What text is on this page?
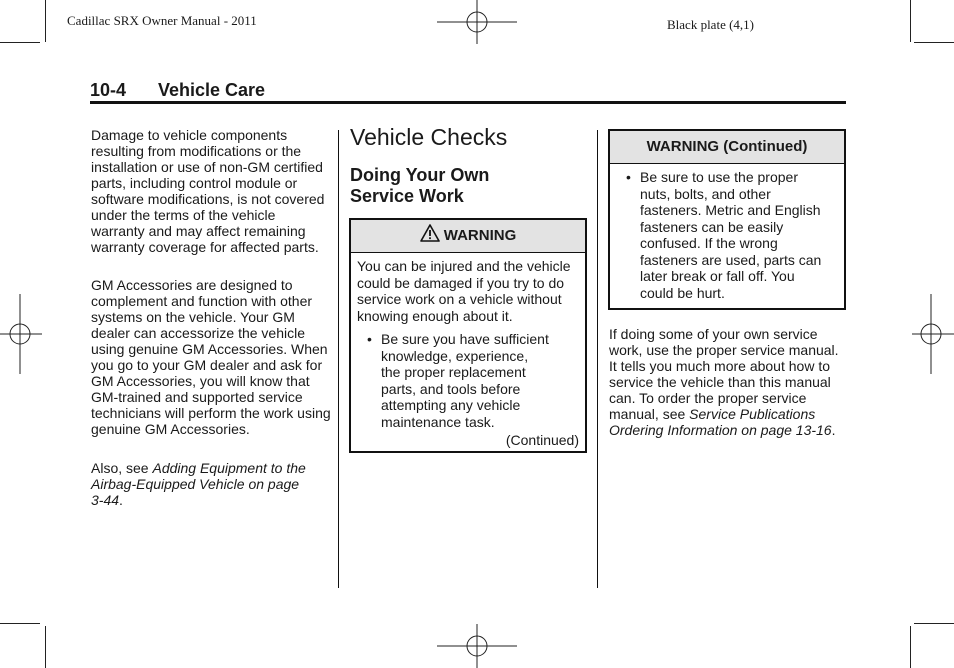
Cadillac SRX Owner Manual - 2011	Black plate (4,1)
10-4 Vehicle Care

Damage to vehicle components resulting from modifications or the installation or use of non-GM certified parts, including control module or software modifications, is not covered under the terms of the vehicle warranty and may affect remaining warranty coverage for affected parts.

GM Accessories are designed to complement and function with other systems on the vehicle. Your GM dealer can accessorize the vehicle using genuine GM Accessories. When you go to your GM dealer and ask for GM Accessories, you will know that GM-trained and supported service technicians will perform the work using genuine GM Accessories.

Also, see Adding Equipment to the Airbag-Equipped Vehicle on page 3-44.

Vehicle Checks
Doing Your Own Service Work
WARNING
You can be injured and the vehicle could be damaged if you try to do service work on a vehicle without knowing enough about it.
• Be sure you have sufficient knowledge, experience, the proper replacement parts, and tools before attempting any vehicle maintenance task.
(Continued)
WARNING (Continued)
• Be sure to use the proper nuts, bolts, and other fasteners. Metric and English fasteners can be easily confused. If the wrong fasteners are used, parts can later break or fall off. You could be hurt.

If doing some of your own service work, use the proper service manual. It tells you much more about how to service the vehicle than this manual can. To order the proper service manual, see Service Publications Ordering Information on page 13-16.
